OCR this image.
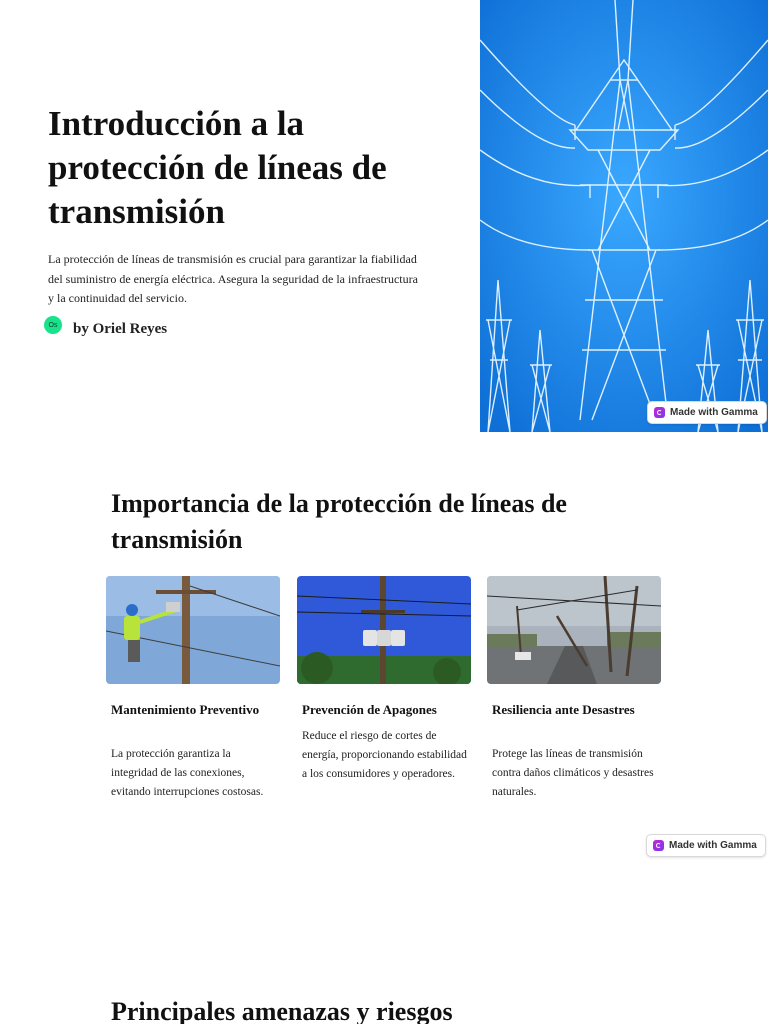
Introducción a la protección de líneas de transmisión

La protección de líneas de transmisión es crucial para garantizar la fiabilidad del suministro de energía eléctrica. Asegura la seguridad de la infraestructura y la continuidad del servicio.

Os	by Oriel Reyes
Made with Gamma
Importancia de la protección de líneas de transmisión
Mantenimiento Preventivo
La protección garantiza la integridad de las conexiones, evitando interrupciones costosas.
Prevención de Apagones
Reduce el riesgo de cortes de energía, proporcionando estabilidad a los consumidores y operadores.
Resiliencia ante Desastres
Protege las líneas de transmisión contra daños climáticos y desastres naturales.
Made with Gamma
Principales amenazas y riesgos
